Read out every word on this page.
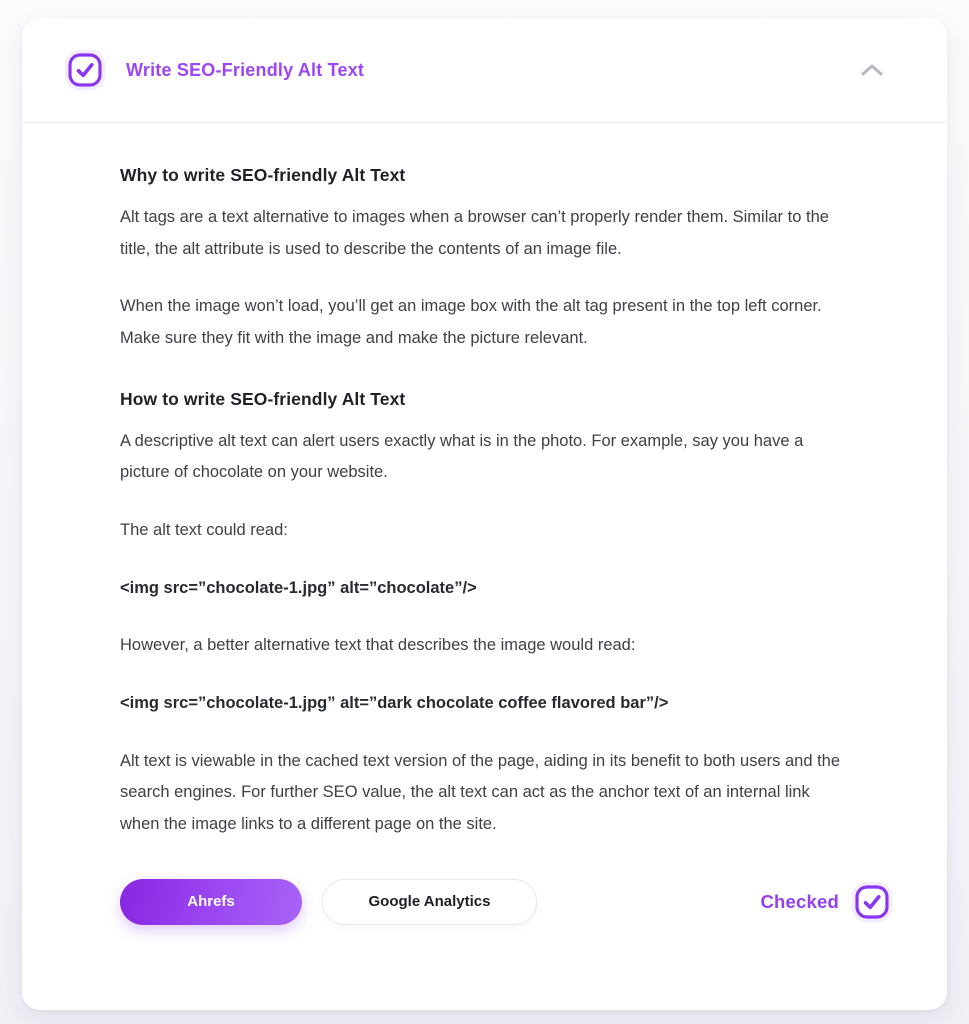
Write SEO-Friendly Alt Text
Why to write SEO-friendly Alt Text

Alt tags are a text alternative to images when a browser can’t properly render them. Similar to the title, the alt attribute is used to describe the contents of an image file.

When the image won’t load, you’ll get an image box with the alt tag present in the top left corner. Make sure they fit with the image and make the picture relevant.

How to write SEO-friendly Alt Text

A descriptive alt text can alert users exactly what is in the photo. For example, say you have a picture of chocolate on your website.

The alt text could read:

<img src=”chocolate-1.jpg” alt=”chocolate”/>

However, a better alternative text that describes the image would read:

<img src=”chocolate-1.jpg” alt=”dark chocolate coffee flavored bar”/>

Alt text is viewable in the cached text version of the page, aiding in its benefit to both users and the search engines. For further SEO value, the alt text can act as the anchor text of an internal link when the image links to a different page on the site.

Ahrefs	Google Analytics	Checked
